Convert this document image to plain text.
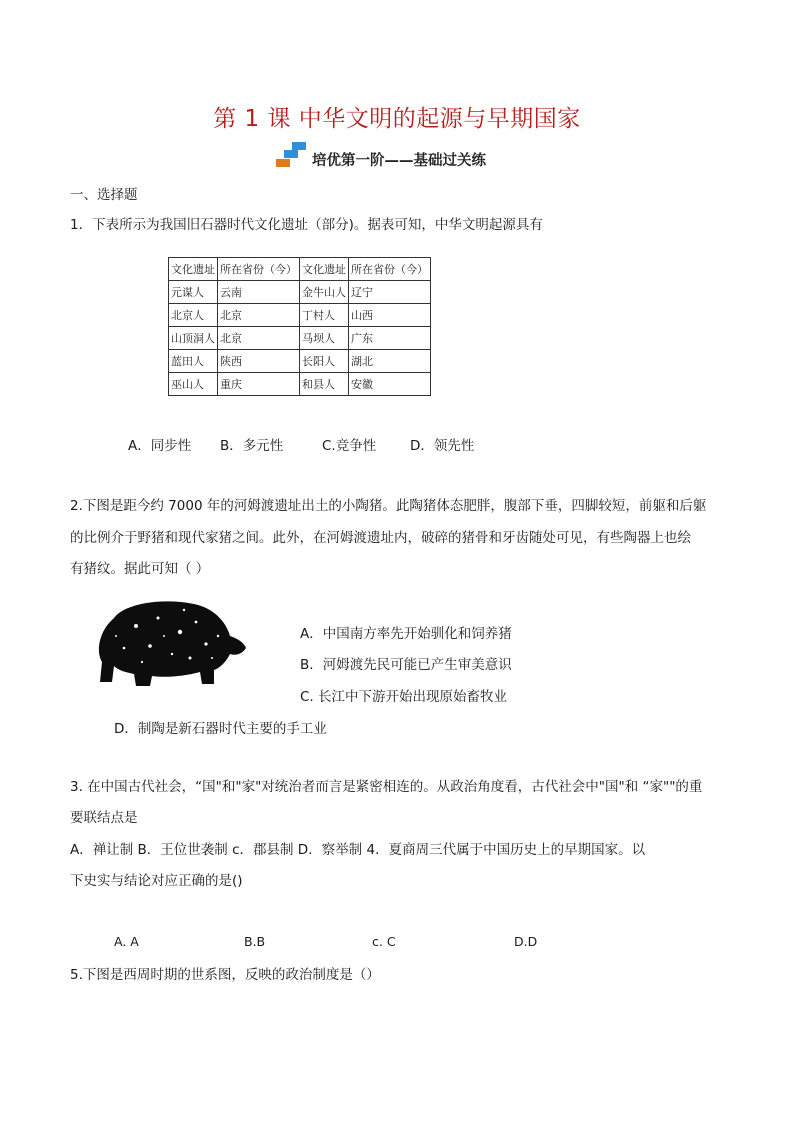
第 1 课 中华文明的起源与早期国家
培优第一阶——基础过关练
一、选择题
1．下表所示为我国旧石器时代文化遗址（部分)。据表可知，中华文明起源具有
文化遗址	所在省份（今）	文化遗址	所在省份（今）
元谋人	云南	金牛山人	辽宁
北京人	北京	丁村人	山西
山顶洞人	北京	马坝人	广东
蓝田人	陕西	长阳人	湖北
巫山人	重庆	和县人	安徽
A．同步性 B．多元性	C.竞争性	D．领先性
2.下图是距今约 7000 年的河姆渡遗址出土的小陶猪。此陶猪体态肥胖，腹部下垂，四脚较短，前躯和后躯
的比例介于野猪和现代家猪之间。此外，在河姆渡遗址内，破碎的猪骨和牙齿随处可见，有些陶器上也绘
有猪纹。据此可知（ ）
A．中国南方率先开始驯化和饲养猪
B．河姆渡先民可能已产生审美意识
C. 长江中下游开始出现原始畜牧业
D．制陶是新石器时代主要的手工业
3. 在中国古代社会，“国"和"家"对统治者而言是紧密相连的。从政治角度看，古代社会中"国"和 “家""的重
要联结点是
A．禅让制 B．王位世袭制 c．郡县制 D．察举制 4．夏商周三代属于中国历史上的早期国家。以
下史实与结论对应正确的是()
A. A	B.B	c. C	D.D
5.下图是西周时期的世系图，反映的政治制度是（）
